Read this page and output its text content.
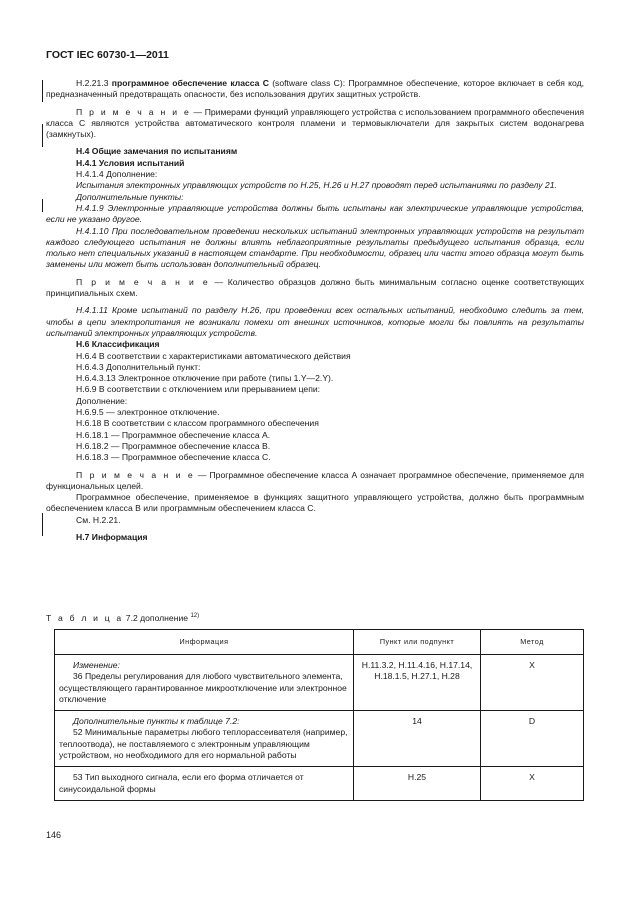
ГОСТ IEC 60730-1—2011

H.2.21.3 программное обеспечение класса С (software class C): Программное обеспечение, которое включает в себя код, предназначенный предотвращать опасности, без использования других защитных устройств.

П р и м е ч а н и е — Примерами функций управляющего устройства с использованием программного обеспечения класса С являются устройства автоматического контроля пламени и термовыключатели для закрытых систем водонагрева (замкнутых).

H.4 Общие замечания по испытаниям

H.4.1 Условия испытаний

H.4.1.4 Дополнение:

Испытания электронных управляющих устройств по H.25, H.26 и H.27 проводят перед испытаниями по разделу 21.

Дополнительные пункты:

H.4.1.9 Электронные управляющие устройства должны быть испытаны как электрические управляющие устройства, если не указано другое.

H.4.1.10 При последовательном проведении нескольких испытаний электронных управляющих устройств на результат каждого следующего испытания не должны влиять неблагоприятные результаты предыдущего испытания образца, если только нет специальных указаний в настоящем стандарте. При необходимости, образец или части этого образца могут быть заменены или может быть использован дополнительный образец.

П р и м е ч а н и е — Количество образцов должно быть минимальным согласно оценке соответствующих принципиальных схем.

H.4.1.11 Кроме испытаний по разделу H.26, при проведении всех остальных испытаний, необходимо следить за тем, чтобы в цепи электропитания не возникали помехи от внешних источников, которые могли бы повлиять на результаты испытаний электронных управляющих устройств.

H.6 Классификация

H.6.4 В соответствии с характеристиками автоматического действия

H.6.4.3 Дополнительный пункт:

H.6.4.3.13 Электронное отключение при работе (типы 1.Y—2.Y).

H.6.9 В соответствии с отключением или прерыванием цепи:

Дополнение:

H.6.9.5 — электронное отключение.

H.6.18 В соответствии с классом программного обеспечения

H.6.18.1 — Программное обеспечение класса А.

H.6.18.2 — Программное обеспечение класса В.

H.6.18.3 — Программное обеспечение класса С.

П р и м е ч а н и е — Программное обеспечение класса А означает программное обеспечение, применяемое для функциональных целей.

Программное обеспечение, применяемое в функциях защитного управляющего устройства, должно быть программным обеспечением класса В или программным обеспечением класса С.

См. H.2.21.

H.7 Информация

Т а б л и ц а 7.2 дополнение $^{12)}$
Информация	Пункт или подпункт	Метод

Изменение:
36 Пределы регулирования для любого чувствительного элемента, осуществляющего гарантированное микроотключение или электронное отключение	H.11.3.2, H.11.4.16, H.17.14, H.18.1.5, H.27.1, H.28	X

Дополнительные пункты к таблице 7.2:
52 Минимальные параметры любого теплорассеивателя (например, теплоотвода), не поставляемого с электронным управляющим устройством, но необходимого для его нормальной работы	14	D

53 Тип выходного сигнала, если его форма отличается от синусоидальной формы	H.25	X
146
